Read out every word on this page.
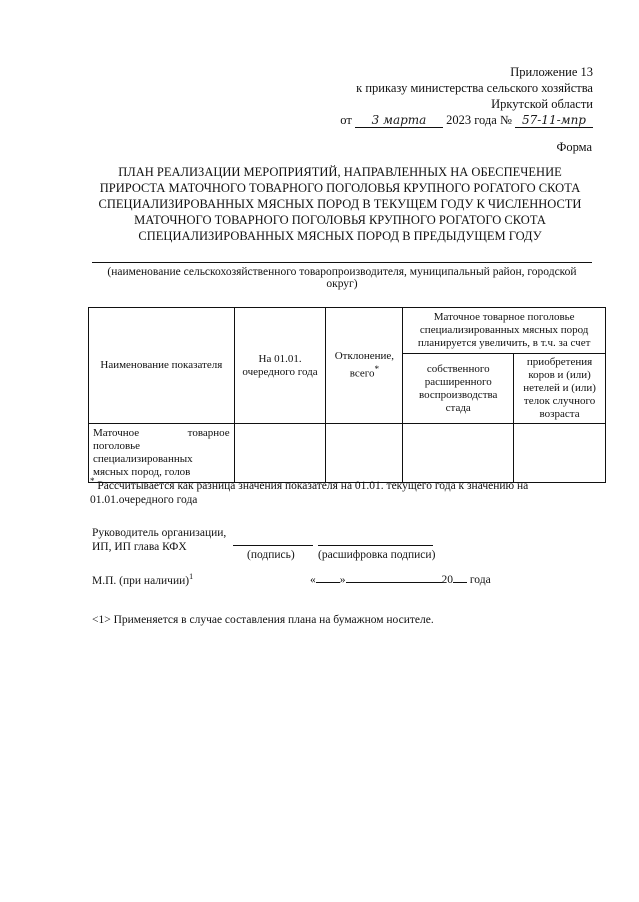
Приложение 13
к приказу министерства сельского хозяйства
Иркутской области
от 3 марта 2023 года № 57-11-мпр
Форма
ПЛАН РЕАЛИЗАЦИИ МЕРОПРИЯТИЙ, НАПРАВЛЕННЫХ НА ОБЕСПЕЧЕНИЕ
ПРИРОСТА МАТОЧНОГО ТОВАРНОГО ПОГОЛОВЬЯ КРУПНОГО РОГАТОГО СКОТА
СПЕЦИАЛИЗИРОВАННЫХ МЯСНЫХ ПОРОД В ТЕКУЩЕМ ГОДУ К ЧИСЛЕННОСТИ
МАТОЧНОГО ТОВАРНОГО ПОГОЛОВЬЯ КРУПНОГО РОГАТОГО СКОТА
СПЕЦИАЛИЗИРОВАННЫХ МЯСНЫХ ПОРОД В ПРЕДЫДУЩЕМ ГОДУ
(наименование сельскохозяйственного товаропроизводителя, муниципальный район, городской округ)
Наименование показателя	На 01.01. очередного года	Отклонение, всего*	Маточное товарное поголовье специализированных мясных пород планируется увеличить, в т.ч. за счет	
			собственного расширенного воспроизводства стада	приобретения коров и (или) нетелей и (или) телок случного возраста
Маточное товарное поголовье специализированных мясных пород, голов				
* Рассчитывается как разница значения показателя на 01.01. текущего года к значению на 01.01.очередного года
Руководитель организации,
ИП, ИП глава КФХ
(подпись) (расшифровка подписи)
М.П. (при наличии)$^1$	« »	20 года
<1> Применяется в случае составления плана на бумажном носителе.
